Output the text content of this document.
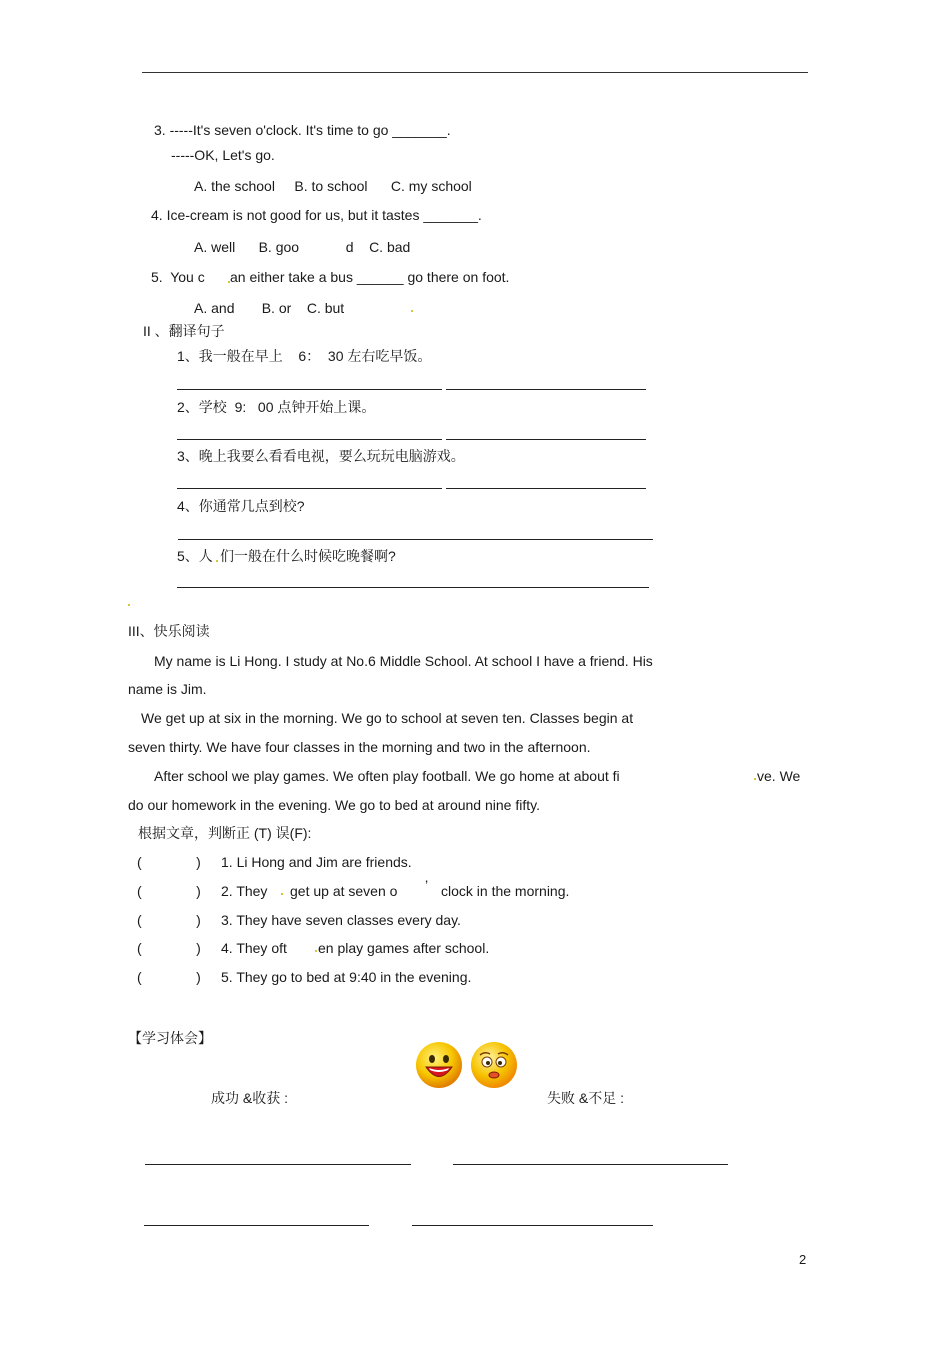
3. -----It's seven o'clock. It's time to go _______.
-----OK, Let's go.
A. the school     B. to school      C. my school
4. Ice-cream is not good for us, but it tastes _______.
A. well      B. goo            d    C. bad
5.  You c an either take a bus ______ go there on foot.
A. and       B. or    C. but
II 、翻译句子
1、我一般在早上    6：  30 左右吃早饭。
2、学校  9:   00 点钟开始上课。
3、晚上我要么看看电视，要么玩玩电脑游戏。
4、你通常几点到校?
5、人 们一般在什么时候吃晚餐啊?
III、快乐阅读
My name is Li Hong. I study at No.6 Middle School. At school I have a friend. His
name is Jim.
We get up at six in the morning. We go to school at seven ten. Classes begin at
seven thirty. We have four classes in the morning and two in the afternoon.
After school we play games. We often play football. We go home at about fi	ve. We
do our homework in the evening. We go to bed at around nine fifty.
根据文章，判断正 (T) 误(F):
(              ) 1. Li Hong and Jim are friends.
(              ) 2. They get up at seven o ’ clock in the morning.
(              ) 3. They have seven classes every day.
(              ) 4. They oft en play games after school.
(              ) 5. They go to bed at 9:40 in the evening.
【学习体会】
成功 &收获 :	失败 &不足 :
2
